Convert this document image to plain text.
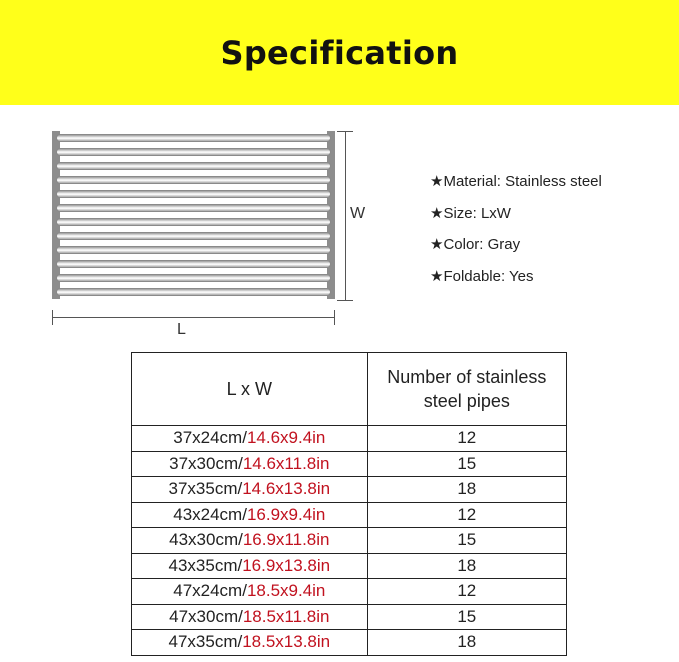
Specification
W
L
★Material: Stainless steel
★Size: LxW
★Color: Gray
★Foldable: Yes
L x W	Number of stainless
steel pipes
37x24cm/14.6x9.4in	12
37x30cm/14.6x11.8in	15
37x35cm/14.6x13.8in	18
43x24cm/16.9x9.4in	12
43x30cm/16.9x11.8in	15
43x35cm/16.9x13.8in	18
47x24cm/18.5x9.4in	12
47x30cm/18.5x11.8in	15
47x35cm/18.5x13.8in	18
